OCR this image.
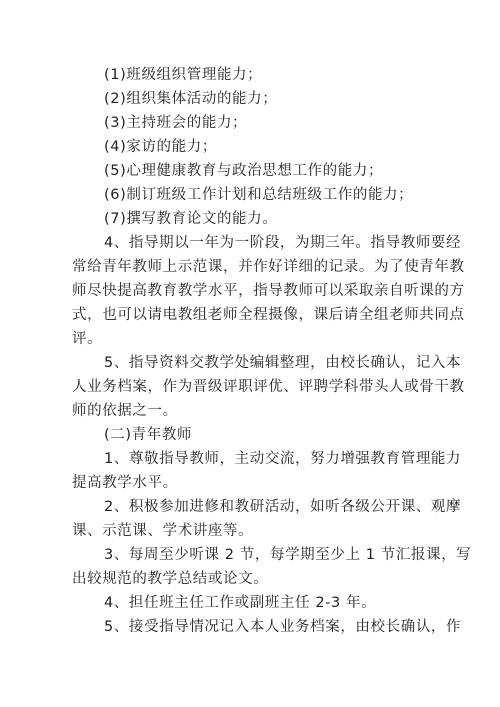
(1)班级组织管理能力；
(2)组织集体活动的能力；
(3)主持班会的能力；
(4)家访的能力；
(5)心理健康教育与政治思想工作的能力；
(6)制订班级工作计划和总结班级工作的能力；
(7)撰写教育论文的能力。
4、指导期以一年为一阶段，为期三年。指导教师要经
常给青年教师上示范课，并作好详细的记录。为了使青年教
师尽快提高教育教学水平，指导教师可以采取亲自听课的方
式，也可以请电教组老师全程摄像，课后请全组老师共同点
评。
5、指导资料交教学处编辑整理，由校长确认，记入本
人业务档案，作为晋级评职评优、评聘学科带头人或骨干教
师的依据之一。
(二)青年教师
1、尊敬指导教师，主动交流，努力增强教育管理能力
提高教学水平。
2、积极参加进修和教研活动，如听各级公开课、观摩
课、示范课、学术讲座等。
3、每周至少听课 2 节，每学期至少上 1 节汇报课，写
出较规范的教学总结或论文。
4、担任班主任工作或副班主任 2-3 年。
5、接受指导情况记入本人业务档案，由校长确认，作
